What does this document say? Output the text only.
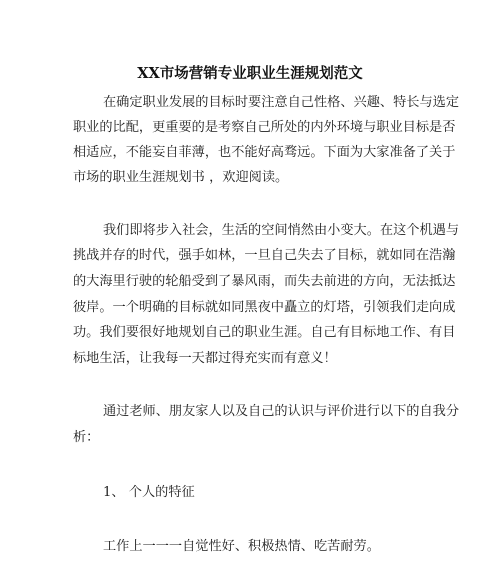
XX市场营销专业职业生涯规划范文
在确定职业发展的目标时要注意自己性格、兴趣、特长与选定
职业的比配，更重要的是考察自己所处的内外环境与职业目标是否
相适应，不能妄自菲薄，也不能好高骛远。下面为大家准备了关于
市场的职业生涯规划书 ，欢迎阅读。
我们即将步入社会，生活的空间悄然由小变大。在这个机遇与
挑战并存的时代，强手如林，一旦自己失去了目标，就如同在浩瀚
的大海里行驶的轮船受到了暴风雨，而失去前进的方向，无法抵达
彼岸。一个明确的目标就如同黑夜中矗立的灯塔，引领我们走向成
功。我们要很好地规划自己的职业生涯。自己有目标地工作、有目
标地生活，让我每一天都过得充实而有意义！
通过老师、朋友家人以及自己的认识与评价进行以下的自我分
析：
1、 个人的特征
工作上一一一自觉性好、积极热情、吃苦耐劳。
